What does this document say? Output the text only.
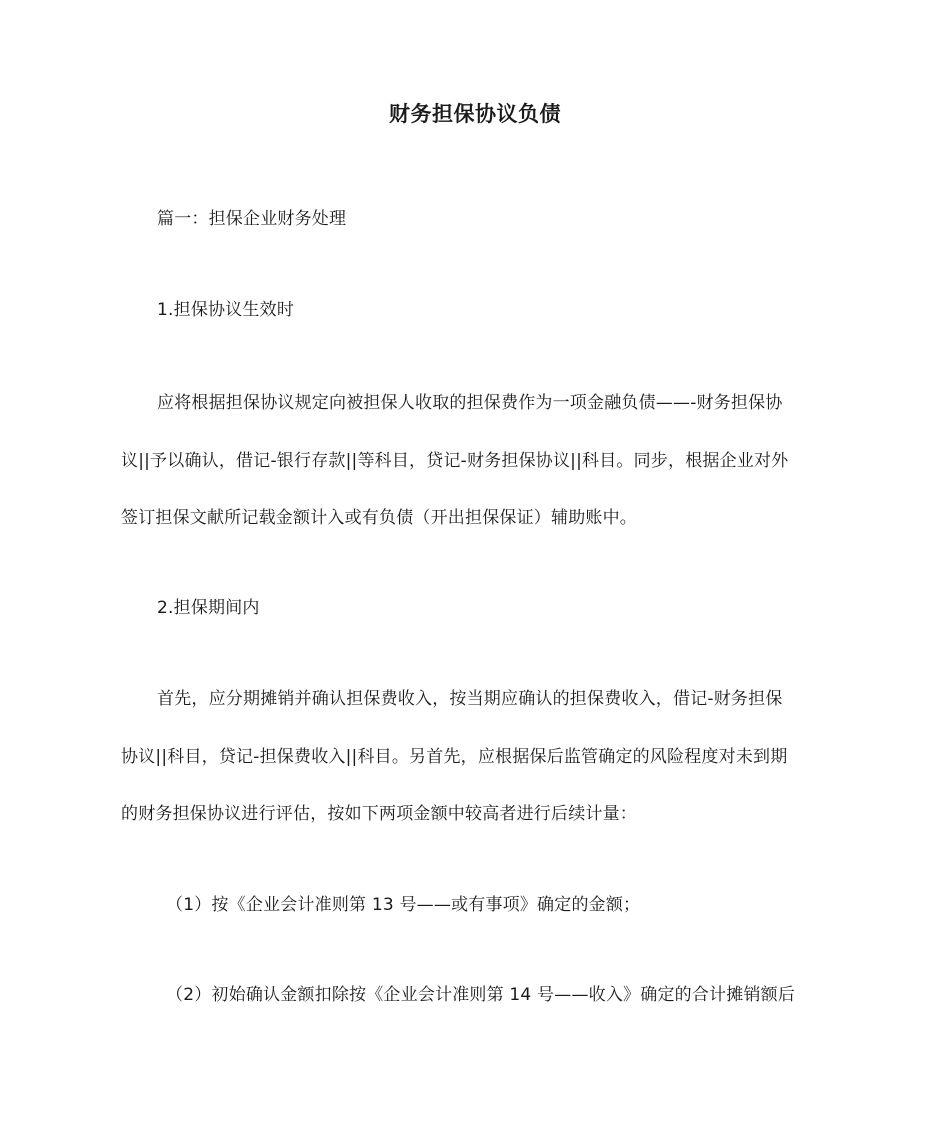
财务担保协议负债
篇一：担保企业财务处理
1.担保协议生效时
应将根据担保协议规定向被担保人收取的担保费作为一项金融负债——-财务担保协
议||予以确认，借记-银行存款||等科目，贷记-财务担保协议||科目。同步，根据企业对外
签订担保文献所记载金额计入或有负债（开出担保保证）辅助账中。
2.担保期间内
首先，应分期摊销并确认担保费收入，按当期应确认的担保费收入，借记-财务担保
协议||科目，贷记-担保费收入||科目。另首先，应根据保后监管确定的风险程度对未到期
的财务担保协议进行评估，按如下两项金额中较高者进行后续计量：
（1）按《企业会计准则第 13 号——或有事项》确定的金额；
（2）初始确认金额扣除按《企业会计准则第 14 号——收入》确定的合计摊销额后
